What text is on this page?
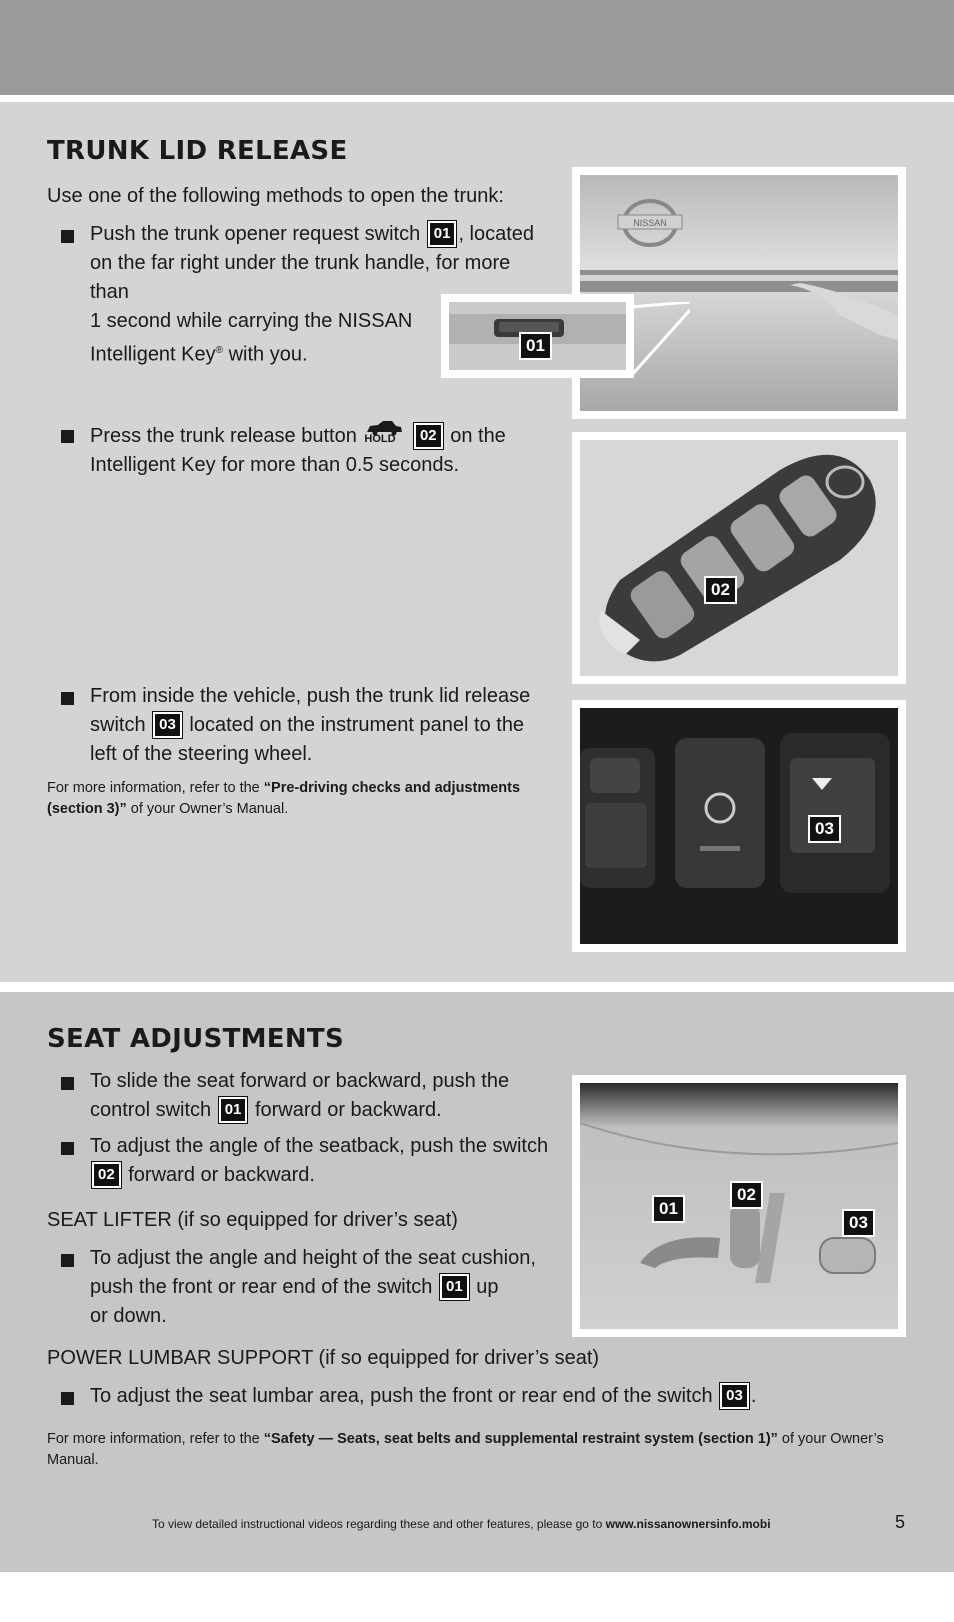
TRUNK LID RELEASE
Use one of the following methods to open the trunk:
Push the trunk opener request switch 01 , located
on the far right under the trunk handle, for more than
1 second while carrying the NISSAN
Intelligent Key® with you.
Press the trunk release button HOLD 02 on the
Intelligent Key for more than 0.5 seconds.
From inside the vehicle, push the trunk lid release
switch 03 located on the instrument panel to the
left of the steering wheel.
For more information, refer to the “Pre-driving checks and adjustments (section 3)” of your Owner’s Manual.
NISSAN
01
02
03
SEAT ADJUSTMENTS
To slide the seat forward or backward, push the
control switch 01 forward or backward.
To adjust the angle of the seatback, push the switch
02 forward or backward.
SEAT LIFTER (if so equipped for driver’s seat)
To adjust the angle and height of the seat cushion,
push the front or rear end of the switch 01 up
or down.
POWER LUMBAR SUPPORT (if so equipped for driver’s seat)
To adjust the seat lumbar area, push the front or rear end of the switch 03 .
For more information, refer to the “Safety — Seats, seat belts and supplemental restraint system (section 1)” of your Owner’s Manual.
01
02
03
To view detailed instructional videos regarding these and other features, please go to www.nissanownersinfo.mobi	5
